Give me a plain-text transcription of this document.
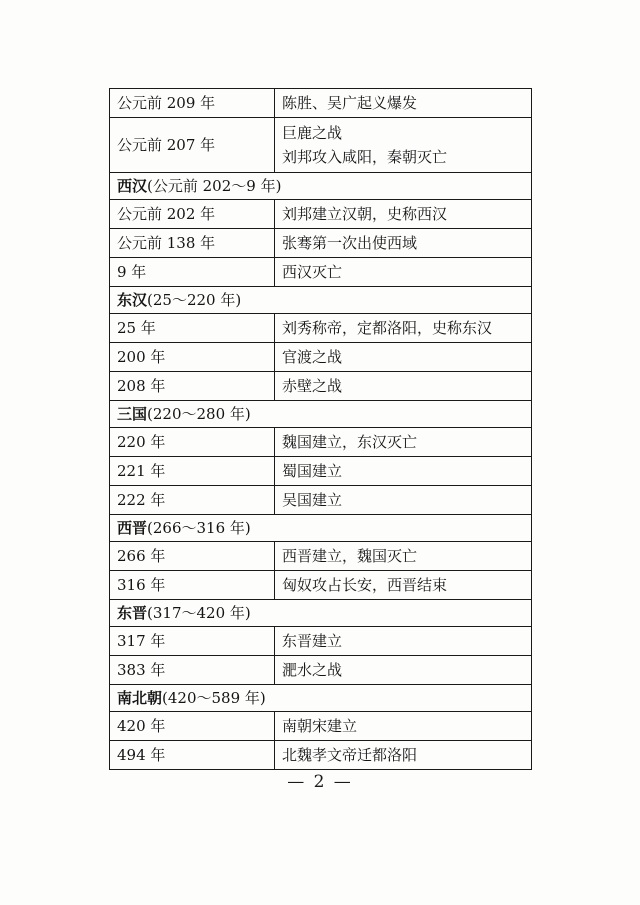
公元前 209 年	陈胜、吴广起义爆发

公元前 207 年	巨鹿之战
刘邦攻入咸阳，秦朝灭亡

西汉(公元前 202～9 年)	
公元前 202 年	刘邦建立汉朝，史称西汉

公元前 138 年	张骞第一次出使西域

9 年	西汉灭亡

东汉(25～220 年)	
25 年	刘秀称帝，定都洛阳，史称东汉

200 年	官渡之战

208 年	赤壁之战

三国(220～280 年)	
220 年	魏国建立，东汉灭亡

221 年	蜀国建立

222 年	吴国建立

西晋(266～316 年)	
266 年	西晋建立，魏国灭亡

316 年	匈奴攻占长安，西晋结束

东晋(317～420 年)	
317 年	东晋建立

383 年	淝水之战

南北朝(420～589 年)	
420 年	南朝宋建立

494 年	北魏孝文帝迁都洛阳
— 2 —
